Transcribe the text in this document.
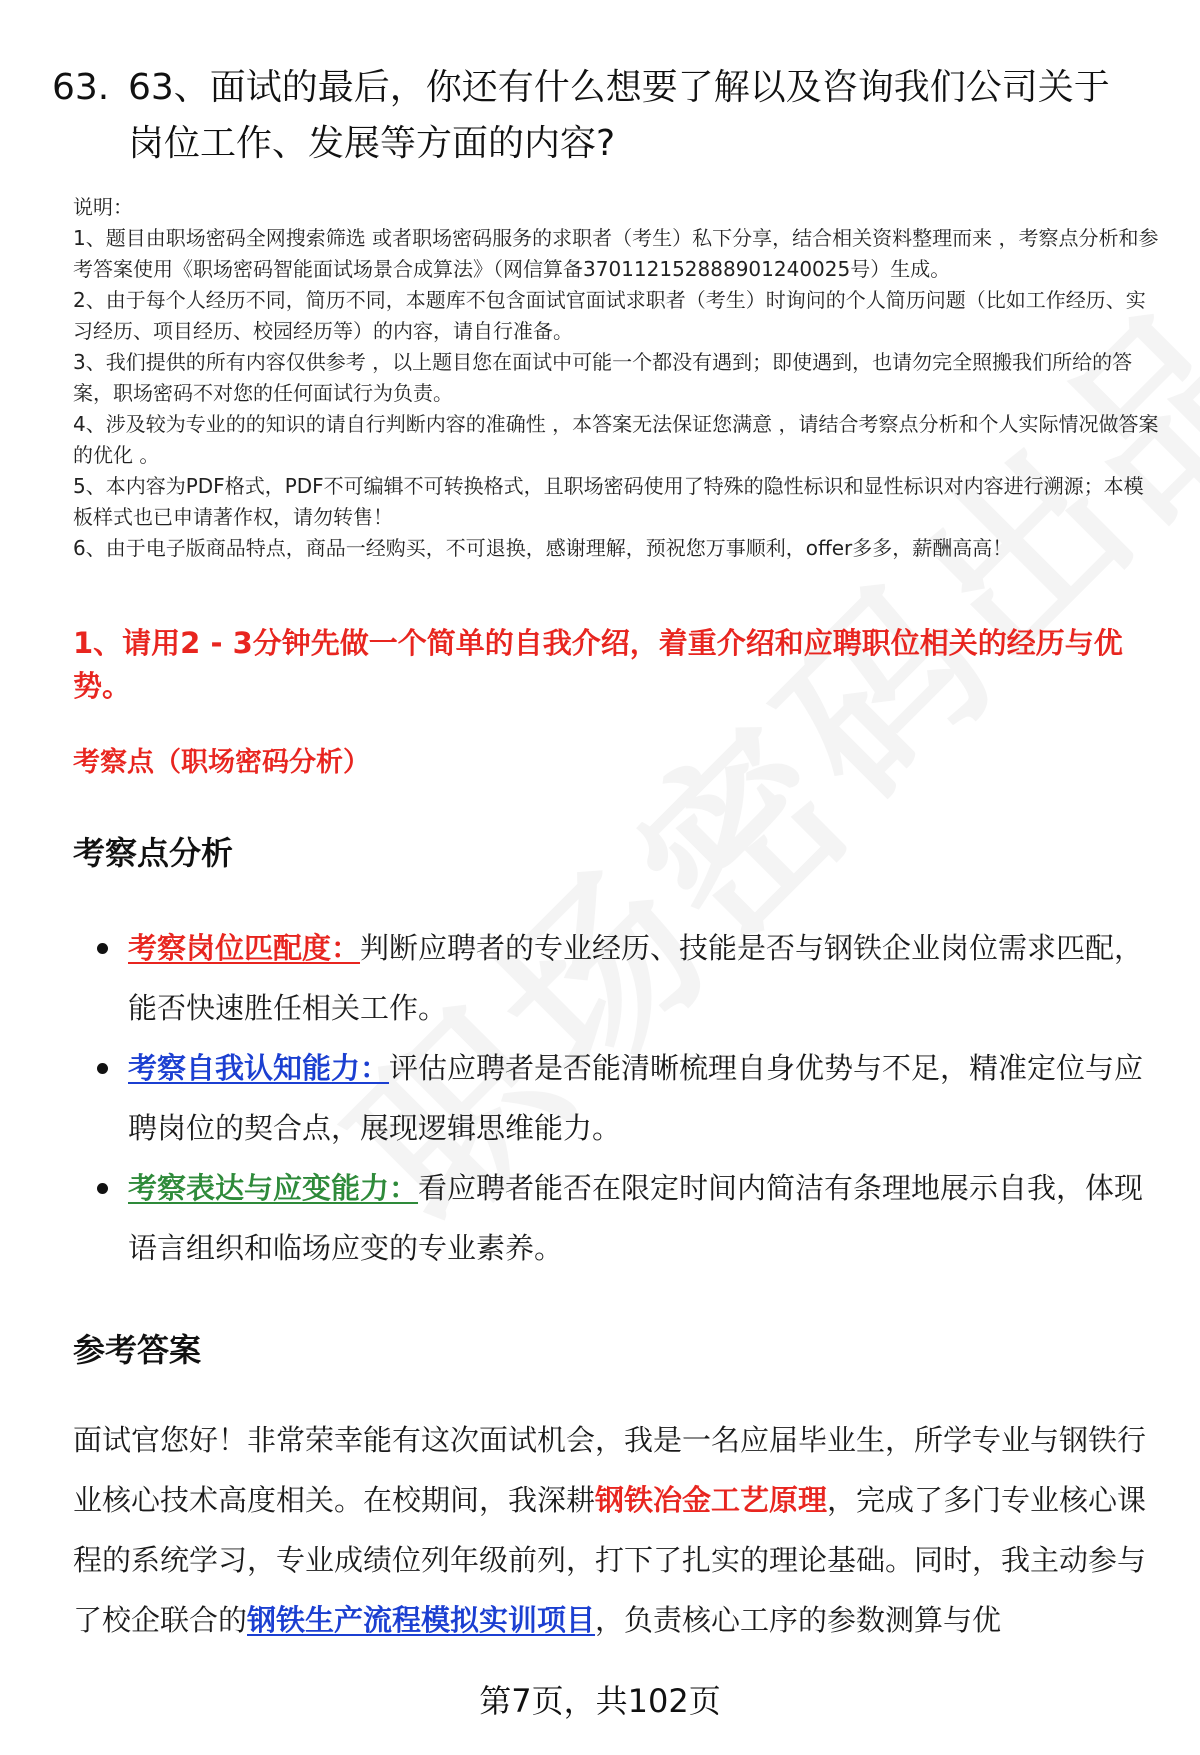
63. 63、面试的最后，你还有什么想要了解以及咨询我们公司关于岗位工作、发展等方面的内容?

说明：

1、题目由职场密码全网搜索筛选 或者职场密码服务的求职者（考生）私下分享，结合相关资料整理而来 ，考察点分析和参考答案使用《职场密码智能面试场景合成算法》（网信算备370112152888901240025号）生成。

2、由于每个人经历不同，简历不同，本题库不包含面试官面试求职者（考生）时询问的个人简历问题（比如工作经历、实习经历、项目经历、校园经历等）的内容，请自行准备。

3、我们提供的所有内容仅供参考 ，以上题目您在面试中可能一个都没有遇到；即使遇到，也请勿完全照搬我们所给的答案，职场密码不对您的任何面试行为负责。

4、涉及较为专业的的知识的请自行判断内容的准确性 ，本答案无法保证您满意 ，请结合考察点分析和个人实际情况做答案的优化 。

5、本内容为PDF格式，PDF不可编辑不可转换格式，且职场密码使用了特殊的隐性标识和显性标识对内容进行溯源；本模板样式也已申请著作权，请勿转售！

6、由于电子版商品特点，商品一经购买，不可退换，感谢理解，预祝您万事顺利，offer多多，薪酬高高！

1、请用2 - 3分钟先做一个简单的自我介绍，着重介绍和应聘职位相关的经历与优势。
考察点（职场密码分析）
考察点分析
考察岗位匹配度：判断应聘者的专业经历、技能是否与钢铁企业岗位需求匹配，能否快速胜任相关工作。
考察自我认知能力：评估应聘者是否能清晰梳理自身优势与不足，精准定位与应聘岗位的契合点，展现逻辑思维能力。
考察表达与应变能力：看应聘者能否在限定时间内简洁有条理地展示自我，体现语言组织和临场应变的专业素养。
参考答案

面试官您好！非常荣幸能有这次面试机会，我是一名应届毕业生，所学专业与钢铁行业核心技术高度相关。在校期间，我深耕钢铁冶金工艺原理，完成了多门专业核心课程的系统学习，专业成绩位列年级前列，打下了扎实的理论基础。同时，我主动参与了校企联合的钢铁生产流程模拟实训项目，负责核心工序的参数测算与优

第7页，共102页
